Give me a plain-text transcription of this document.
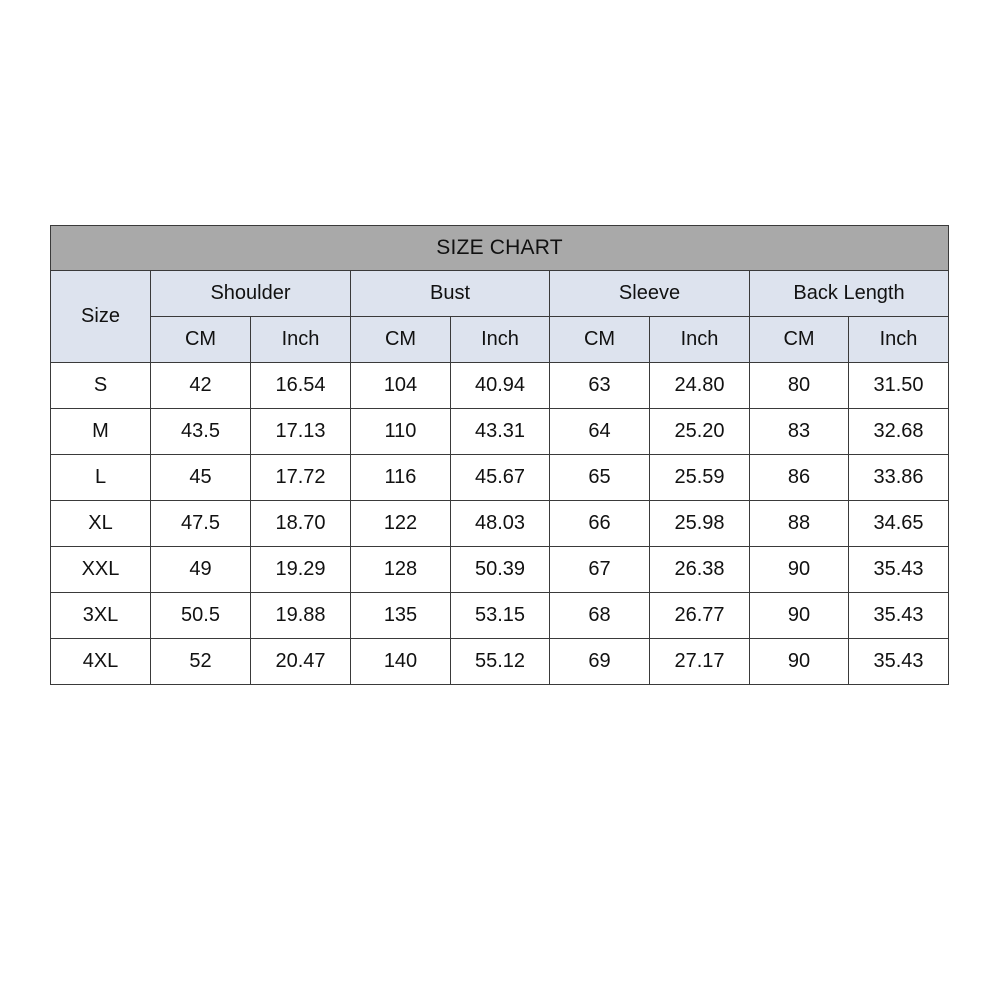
SIZE CHART								
Size	Shoulder		Bust		Sleeve		Back Length	
	CM	Inch	CM	Inch	CM	Inch	CM	Inch
S	42	16.54	104	40.94	63	24.80	80	31.50
M	43.5	17.13	110	43.31	64	25.20	83	32.68
L	45	17.72	116	45.67	65	25.59	86	33.86
XL	47.5	18.70	122	48.03	66	25.98	88	34.65
XXL	49	19.29	128	50.39	67	26.38	90	35.43
3XL	50.5	19.88	135	53.15	68	26.77	90	35.43
4XL	52	20.47	140	55.12	69	27.17	90	35.43
